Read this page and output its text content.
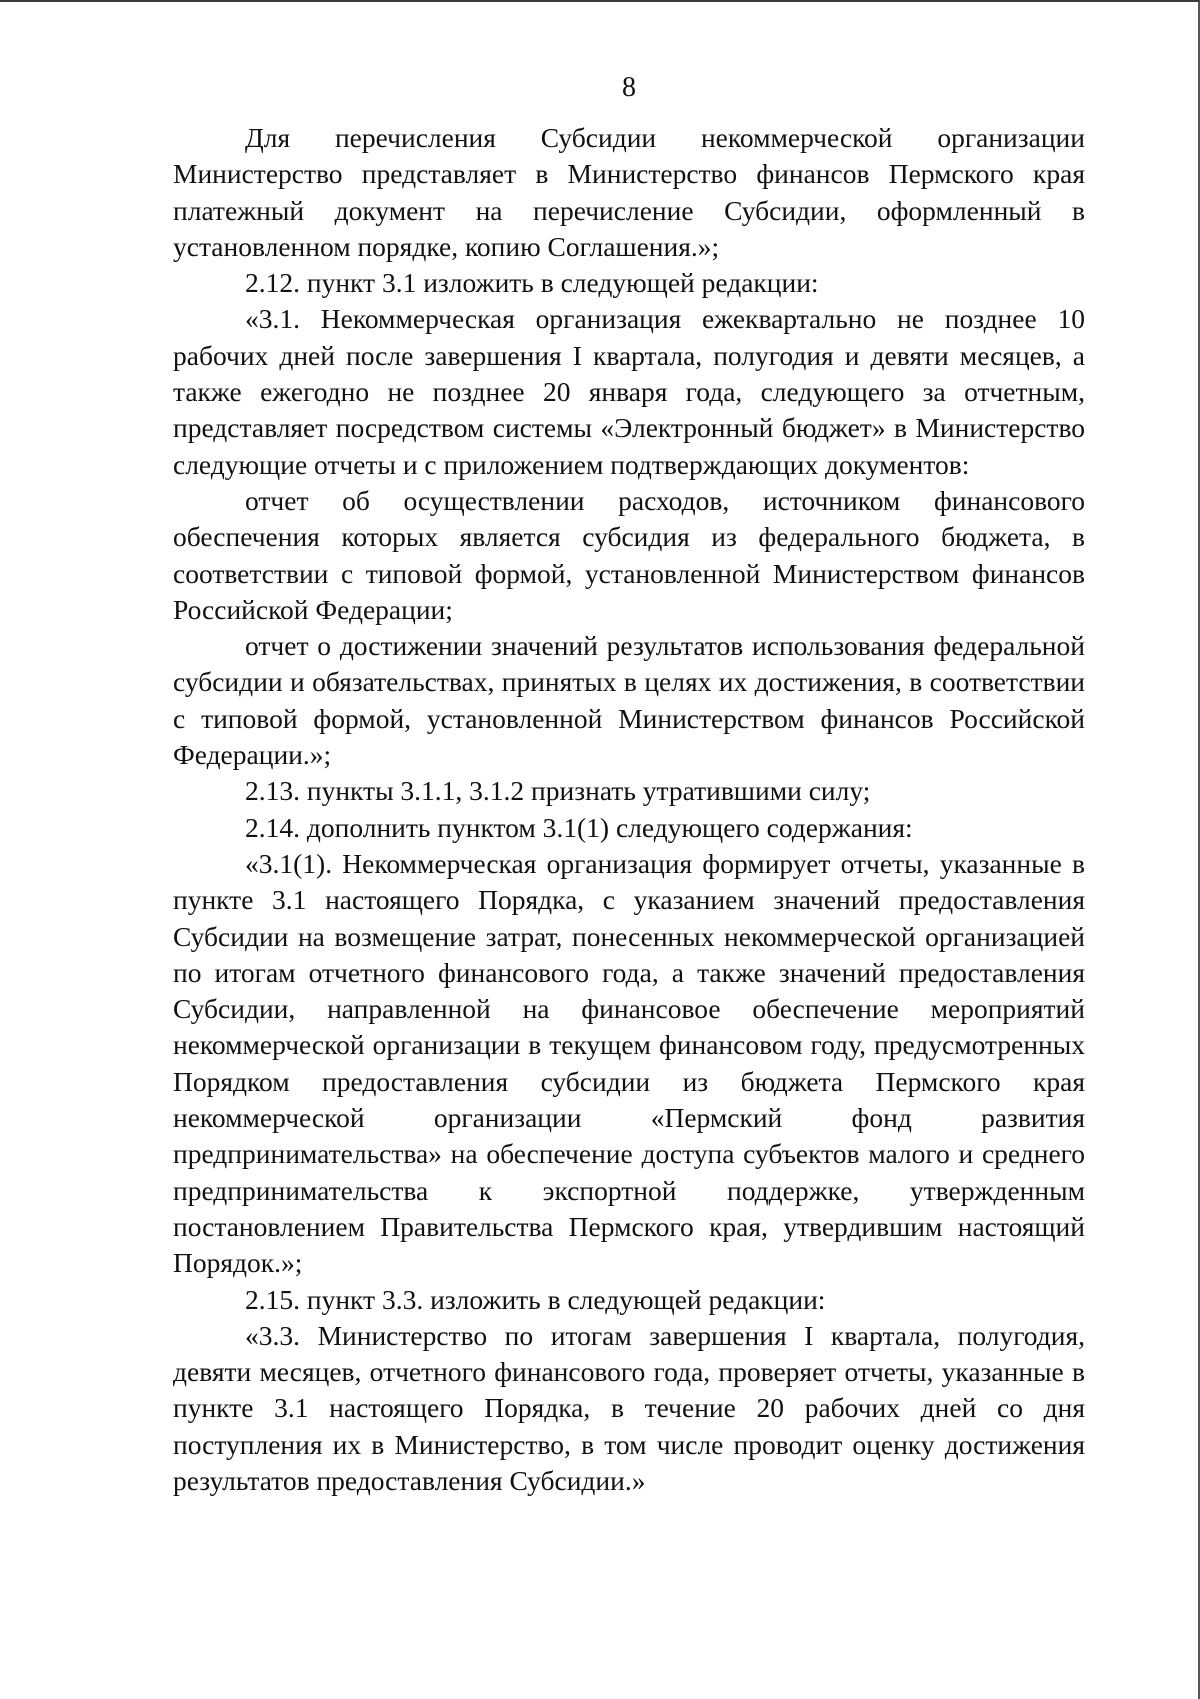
8

Для перечисления Субсидии некоммерческой организации Министерство представляет в Министерство финансов Пермского края платежный документ на перечисление Субсидии, оформленный в установленном порядке, копию Соглашения.»;

2.12. пункт 3.1 изложить в следующей редакции:

«3.1. Некоммерческая организация ежеквартально не позднее 10 рабочих дней после завершения I квартала, полугодия и девяти месяцев, а также ежегодно не позднее 20 января года, следующего за отчетным, представляет посредством системы «Электронный бюджет» в Министерство следующие отчеты и с приложением подтверждающих документов:

отчет об осуществлении расходов, источником финансового обеспечения которых является субсидия из федерального бюджета, в соответствии с типовой формой, установленной Министерством финансов Российской Федерации;

отчет о достижении значений результатов использования федеральной субсидии и обязательствах, принятых в целях их достижения, в соответствии с типовой формой, установленной Министерством финансов Российской Федерации.»;

2.13. пункты 3.1.1, 3.1.2 признать утратившими силу;

2.14. дополнить пунктом 3.1(1) следующего содержания:

«3.1(1). Некоммерческая организация формирует отчеты, указанные в пункте 3.1 настоящего Порядка, с указанием значений предоставления Субсидии на возмещение затрат, понесенных некоммерческой организацией по итогам отчетного финансового года, а также значений предоставления Субсидии, направленной на финансовое обеспечение мероприятий некоммерческой организации в текущем финансовом году, предусмотренных Порядком предоставления субсидии из бюджета Пермского края некоммерческой организации «Пермский фонд развития предпринимательства» на обеспечение доступа субъектов малого и среднего предпринимательства к экспортной поддержке, утвержденным постановлением Правительства Пермского края, утвердившим настоящий Порядок.»;

2.15. пункт 3.3. изложить в следующей редакции:

«3.3. Министерство по итогам завершения I квартала, полугодия, девяти месяцев, отчетного финансового года, проверяет отчеты, указанные в пункте 3.1 настоящего Порядка, в течение 20 рабочих дней со дня поступления их в Министерство, в том числе проводит оценку достижения результатов предоставления Субсидии.»
